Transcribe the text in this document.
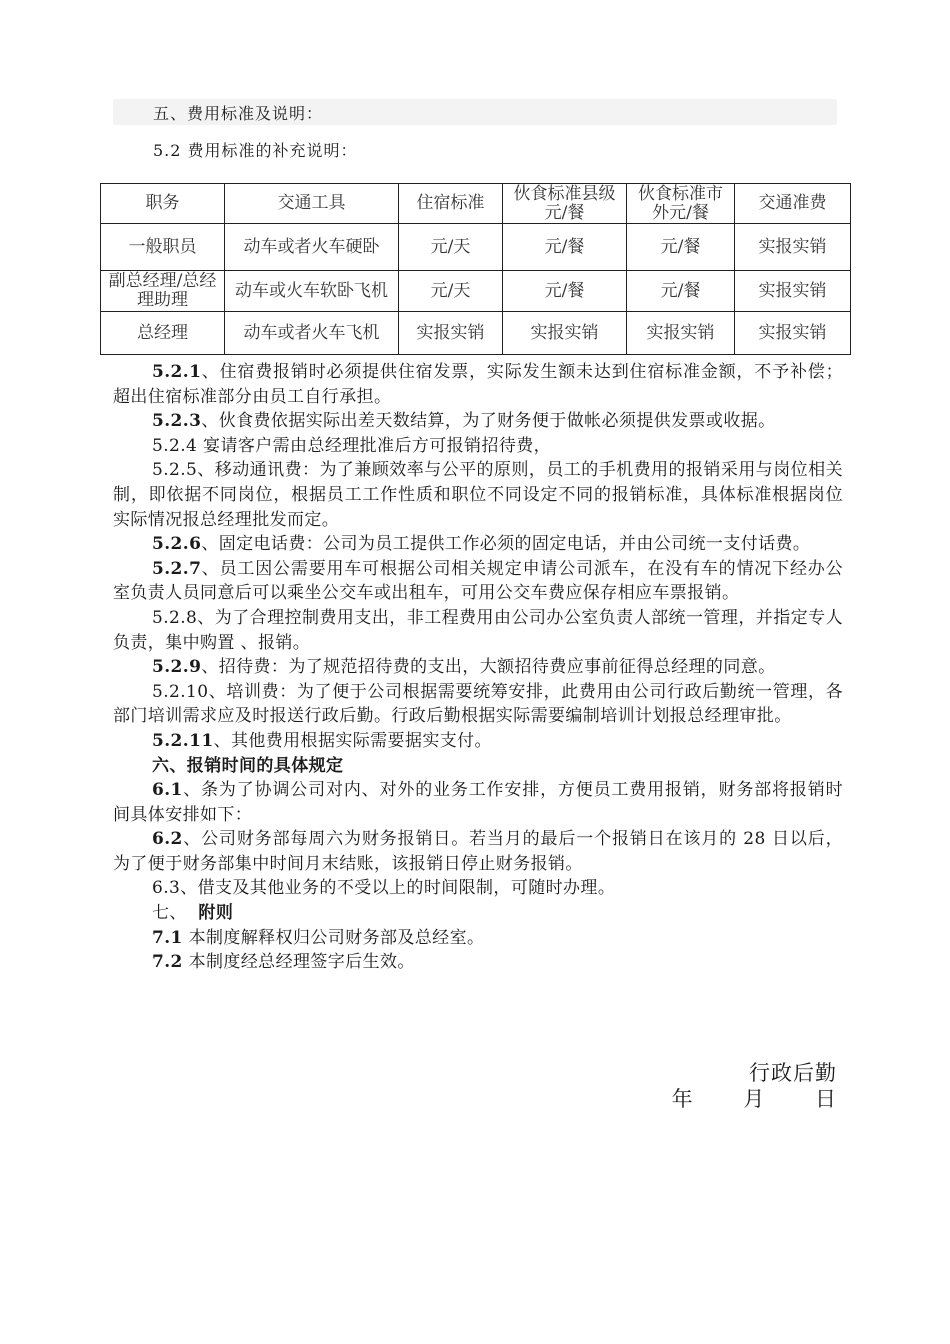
五、费用标准及说明：
5.2 费用标准的补充说明：
职务	交通工具	住宿标准	伙食标准县级元/餐	伙食标准市外元/餐	交通准费
一般职员	动车或者火车硬卧	元/天	元/餐	元/餐	实报实销
副总经理/总经理助理	动车或火车软卧飞机	元/天	元/餐	元/餐	实报实销
总经理	动车或者火车飞机	实报实销	实报实销	实报实销	实报实销

5.2.1、住宿费报销时必须提供住宿发票，实际发生额未达到住宿标准金额，不予补偿；超出住宿标准部分由员工自行承担。

5.2.3、伙食费依据实际出差天数结算，为了财务便于做帐必须提供发票或收据。

5.2.4 宴请客户需由总经理批准后方可报销招待费，

5.2.5、移动通讯费：为了兼顾效率与公平的原则，员工的手机费用的报销采用与岗位相关制，即依据不同岗位，根据员工工作性质和职位不同设定不同的报销标准，具体标准根据岗位实际情况报总经理批发而定。

5.2.6、固定电话费：公司为员工提供工作必须的固定电话，并由公司统一支付话费。

5.2.7、员工因公需要用车可根据公司相关规定申请公司派车，在没有车的情况下经办公室负责人员同意后可以乘坐公交车或出租车，可用公交车费应保存相应车票报销。

5.2.8、为了合理控制费用支出，非工程费用由公司办公室负责人部统一管理，并指定专人负责，集中购置 、报销。

5.2.9、招待费：为了规范招待费的支出，大额招待费应事前征得总经理的同意。

5.2.10、培训费：为了便于公司根据需要统筹安排，此费用由公司行政后勤统一管理，各部门培训需求应及时报送行政后勤。行政后勤根据实际需要编制培训计划报总经理审批。

5.2.11、其他费用根据实际需要据实支付。

六、报销时间的具体规定

6.1、条为了协调公司对内、对外的业务工作安排，方便员工费用报销，财务部将报销时间具体安排如下：

6.2、公司财务部每周六为财务报销日。若当月的最后一个报销日在该月的 28 日以后，为了便于财务部集中时间月末结账，该报销日停止财务报销。

6.3、借支及其他业务的不受以上的时间限制，可随时办理。

七、 附则

7.1 本制度解释权归公司财务部及总经室。

7.2 本制度经总经理签字后生效。

行政后勤
年 月 日
